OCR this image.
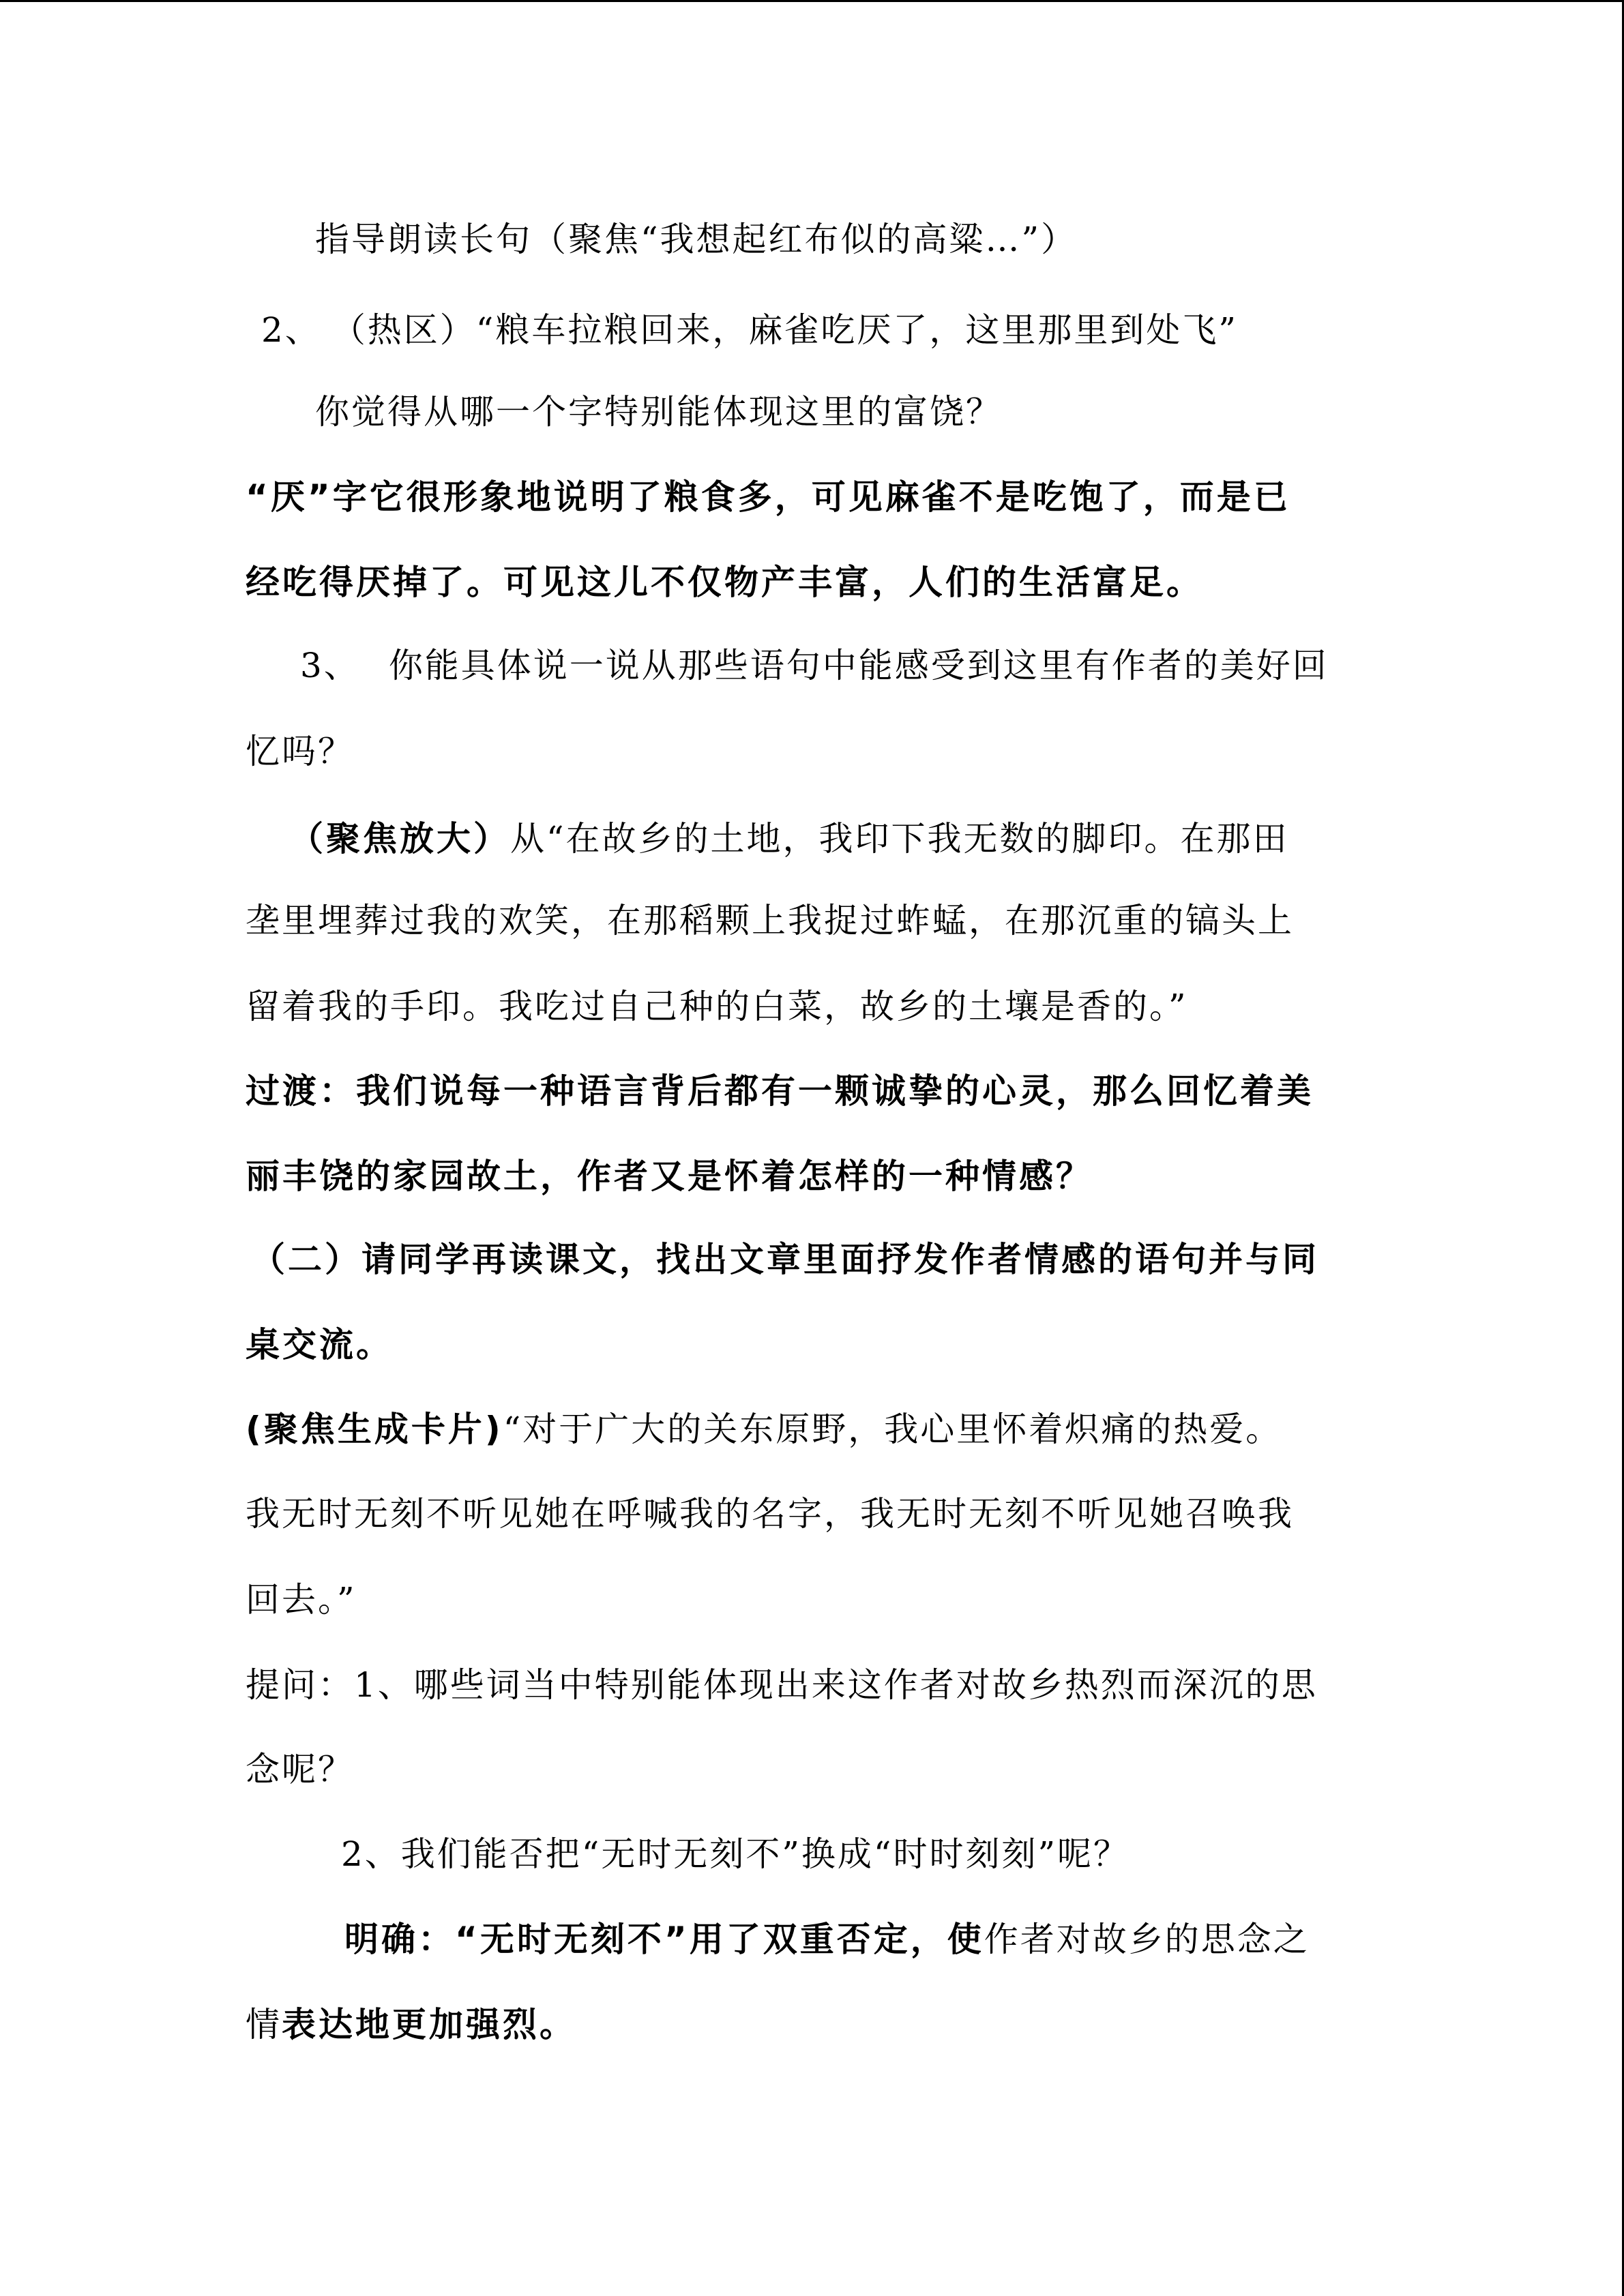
指导朗读长句（聚焦“我想起红布似的高粱…”）
2、 （热区）“粮车拉粮回来，麻雀吃厌了，这里那里到处飞”
你觉得从哪一个字特别能体现这里的富饶？
“厌”字它很形象地说明了粮食多，可见麻雀不是吃饱了，而是已
经吃得厌掉了。可见这儿不仅物产丰富，人们的生活富足。
3、 你能具体说一说从那些语句中能感受到这里有作者的美好回
忆吗？
（聚焦放大）从“在故乡的土地，我印下我无数的脚印。在那田
垄里埋葬过我的欢笑，在那稻颗上我捉过蚱蜢，在那沉重的镐头上
留着我的手印。我吃过自己种的白菜，故乡的土壤是香的。”
过渡：我们说每一种语言背后都有一颗诚挚的心灵，那么回忆着美
丽丰饶的家园故土，作者又是怀着怎样的一种情感？
（二）请同学再读课文，找出文章里面抒发作者情感的语句并与同
桌交流。
(聚焦生成卡片)“对于广大的关东原野，我心里怀着炽痛的热爱。
我无时无刻不听见她在呼喊我的名字，我无时无刻不听见她召唤我
回去。”
提问：1、哪些词当中特别能体现出来这作者对故乡热烈而深沉的思
念呢？
2、我们能否把“无时无刻不”换成“时时刻刻”呢？
明确：“无时无刻不”用了双重否定，使作者对故乡的思念之
情表达地更加强烈。
